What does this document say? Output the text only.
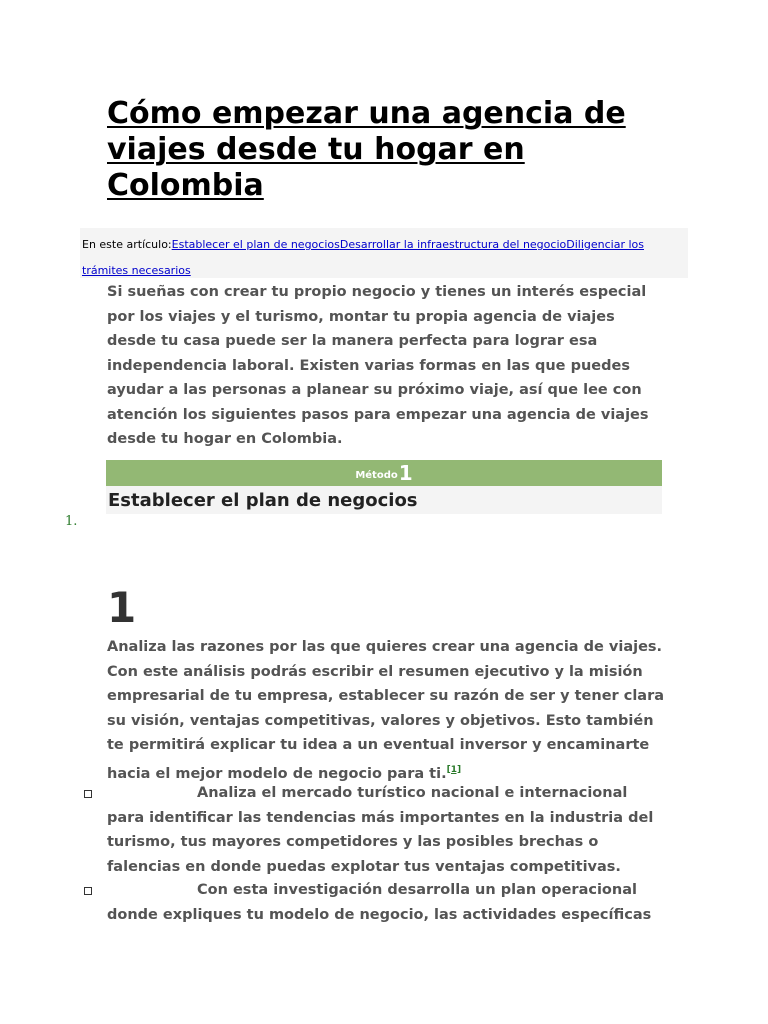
Cómo empezar una agencia de viajes desde tu hogar en Colombia
En este artículo:Establecer el plan de negociosDesarrollar la infraestructura del negocioDiligenciar los trámites necesarios

Si sueñas con crear tu propio negocio y tienes un interés especial por los viajes y el turismo, montar tu propia agencia de viajes desde tu casa puede ser la manera perfecta para lograr esa independencia laboral. Existen varias formas en las que puedes ayudar a las personas a planear su próximo viaje, así que lee con atención los siguientes pasos para empezar una agencia de viajes desde tu hogar en Colombia.

Método1
Establecer el plan de negocios
1.
1

Analiza las razones por las que quieres crear una agencia de viajes. Con este análisis podrás escribir el resumen ejecutivo y la misión empresarial de tu empresa, establecer su razón de ser y tener clara su visión, ventajas competitivas, valores y objetivos. Esto también te permitirá explicar tu idea a un eventual inversor y encaminarte hacia el mejor modelo de negocio para ti.[1]

Analiza el mercado turístico nacional e internacional para identificar las tendencias más importantes en la industria del turismo, tus mayores competidores y las posibles brechas o falencias en donde puedas explotar tus ventajas competitivas.

Con esta investigación desarrolla un plan operacional donde expliques tu modelo de negocio, las actividades específicas
